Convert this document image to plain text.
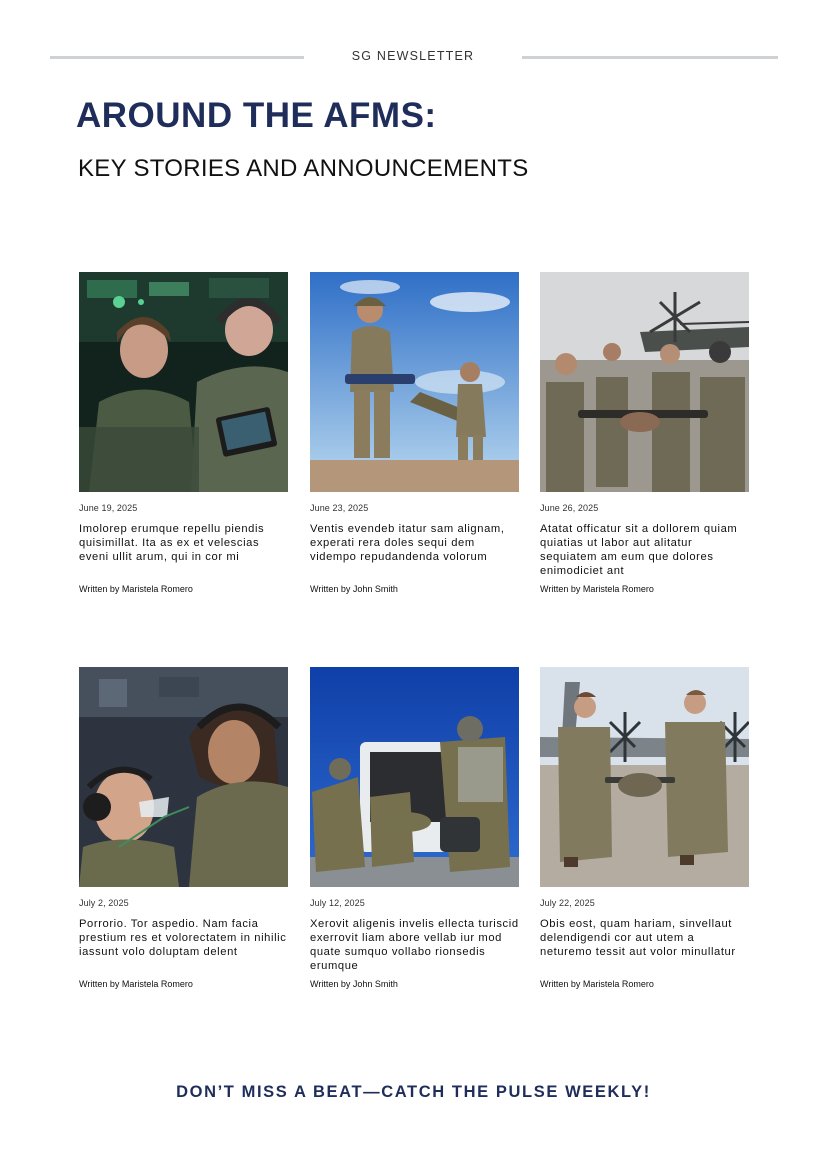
SG NEWSLETTER
AROUND THE AFMS:
KEY STORIES AND ANNOUNCEMENTS
June 19, 2025
Imolorep erumque repellu piendis quisimillat. Ita as ex et velescias eveni ullit arum, qui in cor mi
Written by Maristela Romero
June 23, 2025
Ventis evendeb itatur sam alignam, experati rera doles sequi dem vidempo repudandenda volorum
Written by John Smith
June 26, 2025
Atatat officatur sit a dollorem quiam quiatias ut labor aut alitatur sequiatem am eum que dolores enimodiciet ant
Written by Maristela Romero
July 2, 2025
Porrorio. Tor aspedio. Nam facia prestium res et volorectatem in nihilic iassunt volo doluptam delent
Written by Maristela Romero
July 12, 2025
Xerovit aligenis invelis ellecta turiscid exerrovit liam abore vellab iur mod quate sumquo vollabo rionsedis erumque
Written by John Smith
July 22, 2025
Obis eost, quam hariam, sinvellaut delendigendi cor aut utem a neturemo tessit aut volor minullatur
Written by Maristela Romero
DON’T MISS A BEAT—CATCH THE PULSE WEEKLY!
